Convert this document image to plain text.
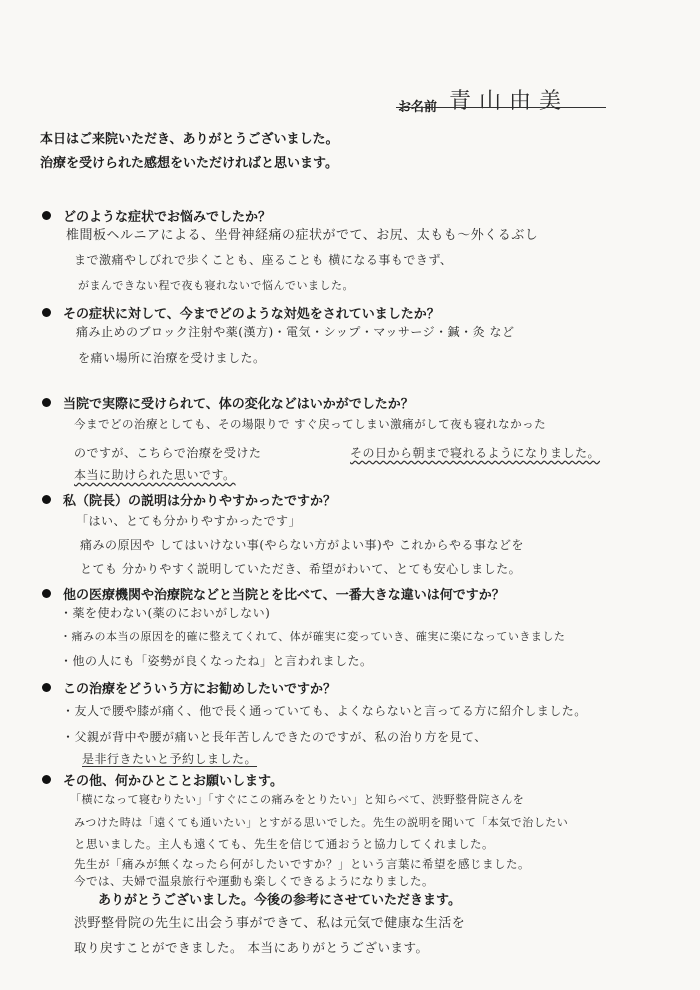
お名前 青山由美
本日はご来院いただき、ありがとうございました。
治療を受けられた感想をいただければと思います。
どのような症状でお悩みでしたか？
椎間板ヘルニアによる、坐骨神経痛の症状がでて、お尻、太もも〜外くるぶし
まで激痛やしびれで歩くことも、座ることも 横になる事もできず、
がまんできない程で夜も寝れないで悩んでいました。
その症状に対して、今までどのような対処をされていましたか？
痛み止めのブロック注射や薬(漢方)・電気・シップ・マッサージ・鍼・灸 など
を痛い場所に治療を受けました。
当院で実際に受けられて、体の変化などはいかがでしたか？
今までどの治療としても、その場限りで すぐ戻ってしまい激痛がして夜も寝れなかった
のですが、こちらで治療を受けた	その日から朝まで寝れるようになりました。
本当に助けられた思いです。
私（院長）の説明は分かりやすかったですか？
「はい、とても分かりやすかったです」
痛みの原因や してはいけない事(やらない方がよい事)や これからやる事などを
とても 分かりやすく説明していただき、希望がわいて、とても安心しました。
他の医療機関や治療院などと当院とを比べて、一番大きな違いは何ですか？
・薬を使わない(薬のにおいがしない)
・痛みの本当の原因を的確に整えてくれて、体が確実に変っていき、確実に楽になっていきました
・他の人にも「姿勢が良くなったね」と言われました。
この治療をどういう方にお勧めしたいですか？
・友人で腰や膝が痛く、他で長く通っていても、よくならないと言ってる方に紹介しました。
・父親が背中や腰が痛いと長年苦しんできたのですが、私の治り方を見て、
是非行きたいと予約しました。
その他、何かひとことお願いします。
「横になって寝むりたい」「すぐにこの痛みをとりたい」と知らべて、渋野整骨院さんを
みつけた時は「遠くても通いたい」とすがる思いでした。先生の説明を聞いて「本気で治したい
と思いました。主人も遠くても、先生を信じて通おうと協力してくれました。
先生が「痛みが無くなったら何がしたいですか？」という言葉に希望を感じました。
今では、夫婦で温泉旅行や運動も楽しくできるようになりました。
ありがとうございました。今後の参考にさせていただきます。
渋野整骨院の先生に出会う事ができて、私は元気で健康な生活を
取り戻すことができました。 本当にありがとうございます。
